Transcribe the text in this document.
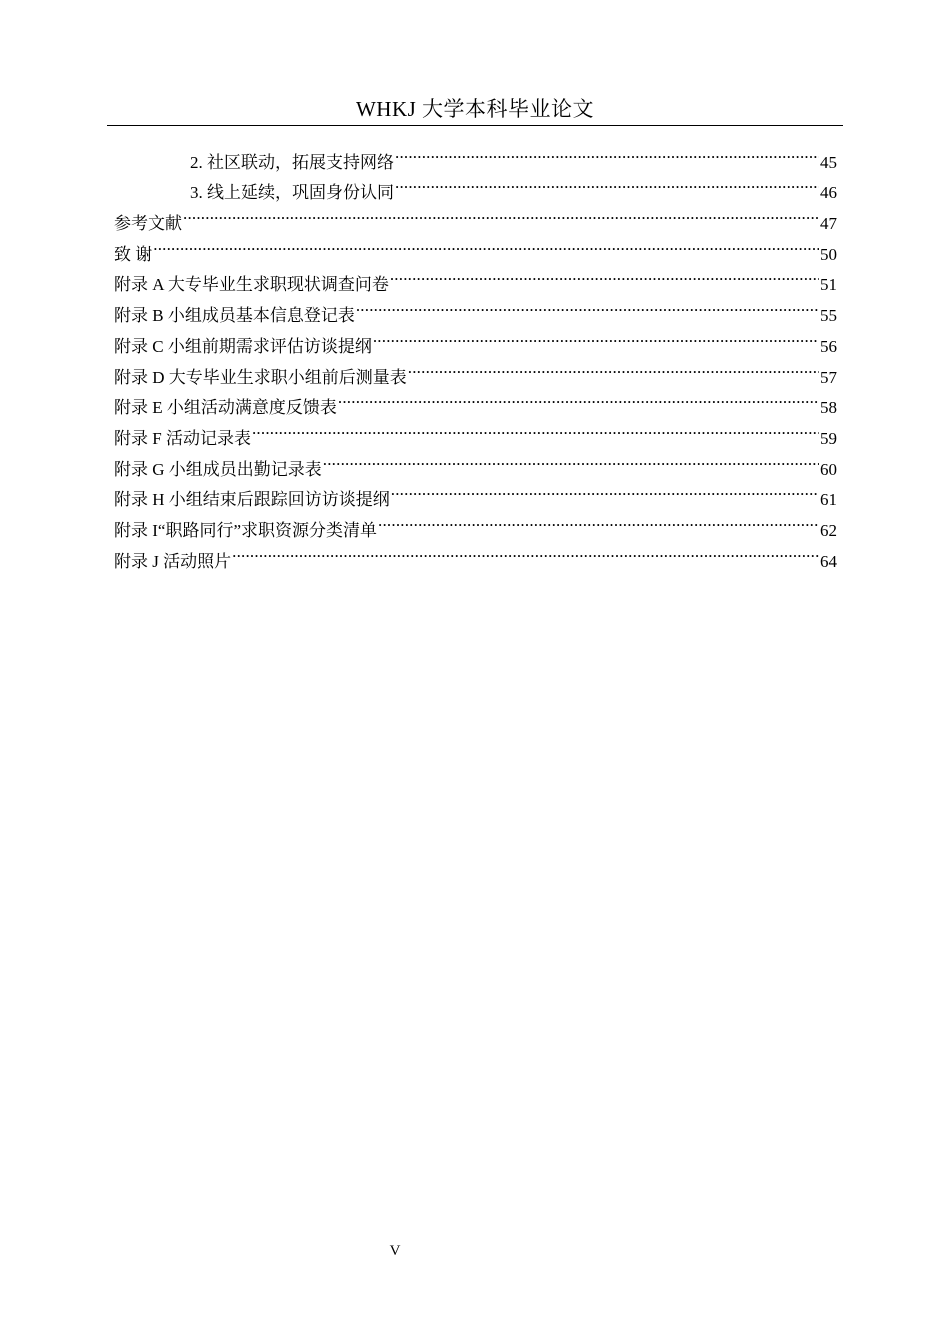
WHKJ 大学本科毕业论文
2. 社区联动，拓展支持网络 .....	45
3. 线上延续，巩固身份认同 .....	46
参考文献 .....	47
致 谢 .....	50
附录 A 大专毕业生求职现状调查问卷 .....	51
附录 B 小组成员基本信息登记表 .....	55
附录 C 小组前期需求评估访谈提纲 .....	56
附录 D 大专毕业生求职小组前后测量表 .....	57
附录 E 小组活动满意度反馈表 .....	58
附录 F 活动记录表 .....	59
附录 G 小组成员出勤记录表 .....	60
附录 H 小组结束后跟踪回访访谈提纲 .....	61
附录 I“职路同行”求职资源分类清单 .....	62
附录 J 活动照片 .....	64
V
